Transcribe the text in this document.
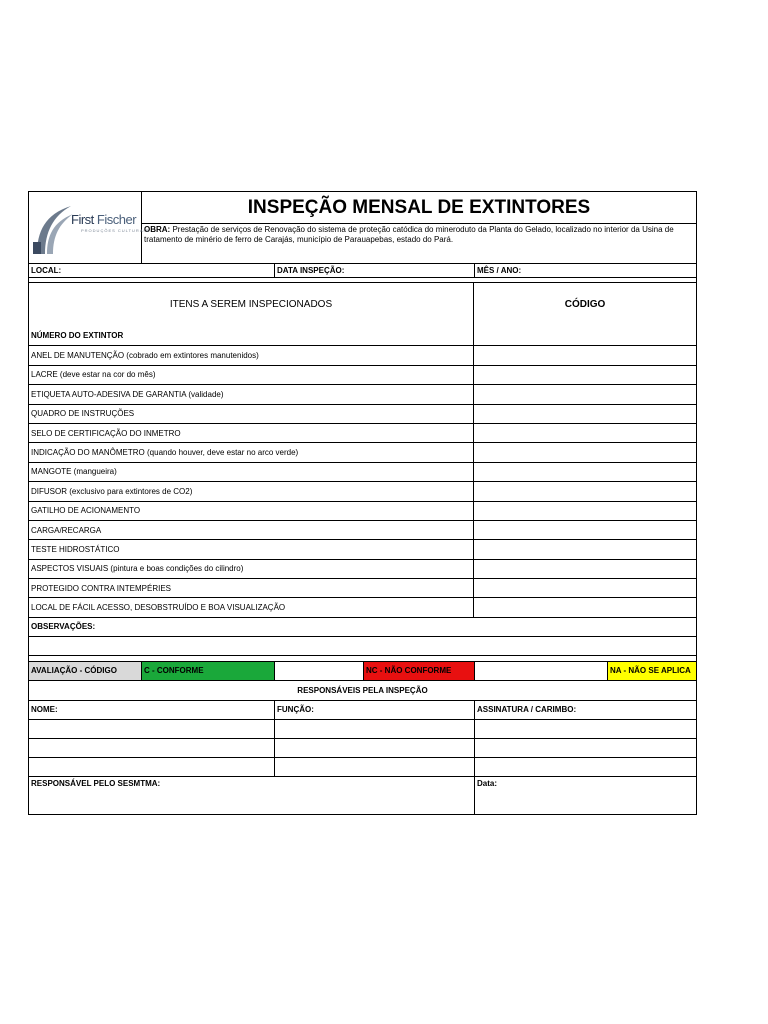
First Fischer
PRODUÇÕES CULTURAIS
INSPEÇÃO MENSAL DE EXTINTORES
OBRA: Prestação de serviços de Renovação do sistema de proteção catódica do mineroduto da Planta do Gelado, localizado no interior da Usina de tratamento de minério de ferro de Carajás, município de Parauapebas, estado do Pará.
LOCAL:	DATA INSPEÇÃO:	MÊS / ANO:
ITENS A SEREM INSPECIONADOS	CÓDIGO
NÚMERO DO EXTINTOR
ANEL DE MANUTENÇÃO (cobrado em extintores manutenidos)
LACRE (deve estar na cor do mês)
ETIQUETA AUTO-ADESIVA DE GARANTIA (validade)
QUADRO DE INSTRUÇÕES
SELO DE CERTIFICAÇÃO DO INMETRO
INDICAÇÃO DO MANÔMETRO (quando houver, deve estar no arco verde)
MANGOTE (mangueira)
DIFUSOR (exclusivo para extintores de CO2)
GATILHO DE ACIONAMENTO
CARGA/RECARGA
TESTE HIDROSTÁTICO
ASPECTOS VISUAIS (pintura e boas condições do cilindro)
PROTEGIDO CONTRA INTEMPÉRIES
LOCAL DE FÁCIL ACESSO, DESOBSTRUÍDO E BOA VISUALIZAÇÃO
OBSERVAÇÕES:
AVALIAÇÃO - CÓDIGO	C - CONFORME	NC - NÃO CONFORME	NA - NÃO SE APLICA
RESPONSÁVEIS PELA INSPEÇÃO
NOME:	FUNÇÃO:	ASSINATURA / CARIMBO:
RESPONSÁVEL PELO SESMTMA:	Data:
